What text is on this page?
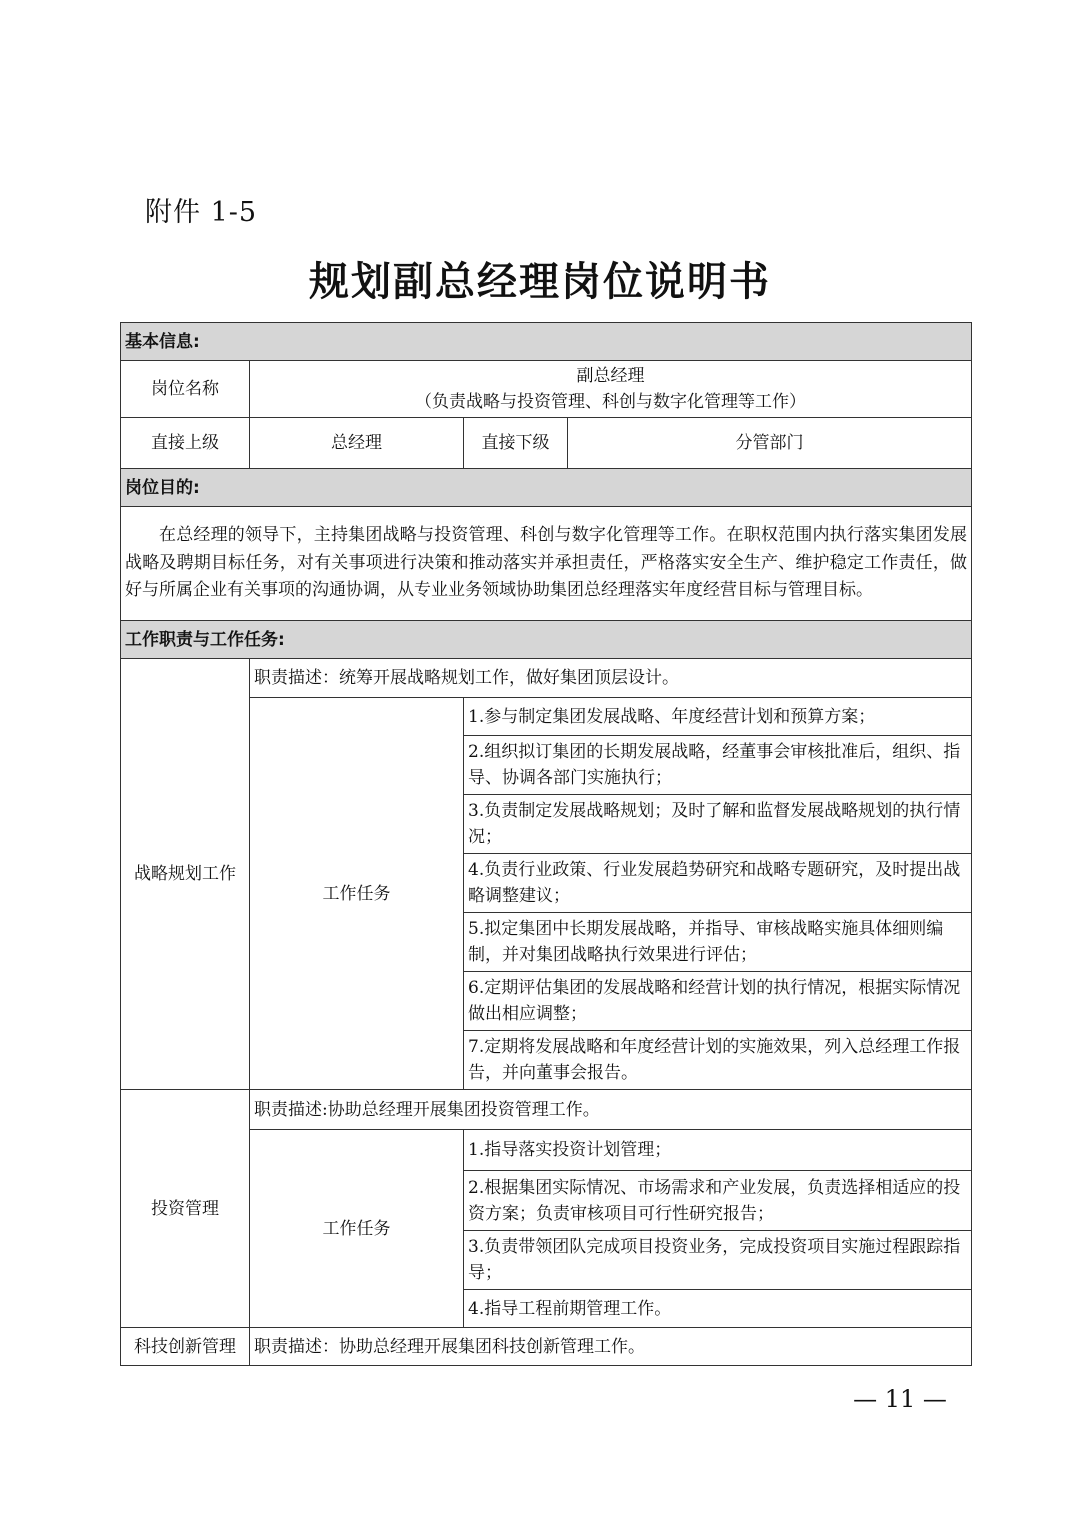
附件 1-5
规划副总经理岗位说明书
基本信息:			
岗位名称	副总经理
（负责战略与投资管理、科创与数字化管理等工作）		

直接上级	总经理	直接下级	分管部门
岗位目的:			
在总经理的领导下，主持集团战略与投资管理、科创与数字化管理等工作。在职权范围内执行落实集团发展战略及聘期目标任务，对有关事项进行决策和推动落实并承担责任，严格落实安全生产、维护稳定工作责任，做好与所属企业有关事项的沟通协调，从专业业务领域协助集团总经理落实年度经营目标与管理目标。			
工作职责与工作任务:			
战略规划工作	职责描述：统筹开展战略规划工作，做好集团顶层设计。		
	工作任务	1.参与制定集团发展战略、年度经营计划和预算方案；	
		2.组织拟订集团的长期发展战略，经董事会审核批准后，组织、指导、协调各部门实施执行；	
		3.负责制定发展战略规划；及时了解和监督发展战略规划的执行情况；	
		4.负责行业政策、行业发展趋势研究和战略专题研究，及时提出战略调整建议；	
		5.拟定集团中长期发展战略，并指导、审核战略实施具体细则编制，并对集团战略执行效果进行评估；	
		6.定期评估集团的发展战略和经营计划的执行情况，根据实际情况做出相应调整；	
		7.定期将发展战略和年度经营计划的实施效果，列入总经理工作报告，并向董事会报告。	
投资管理	职责描述:协助总经理开展集团投资管理工作。		
	工作任务	1.指导落实投资计划管理；	
		2.根据集团实际情况、市场需求和产业发展，负责选择相适应的投资方案；负责审核项目可行性研究报告；	
		3.负责带领团队完成项目投资业务，完成投资项目实施过程跟踪指导；	
		4.指导工程前期管理工作。	
科技创新管理	职责描述：协助总经理开展集团科技创新管理工作。		
— 11 —
